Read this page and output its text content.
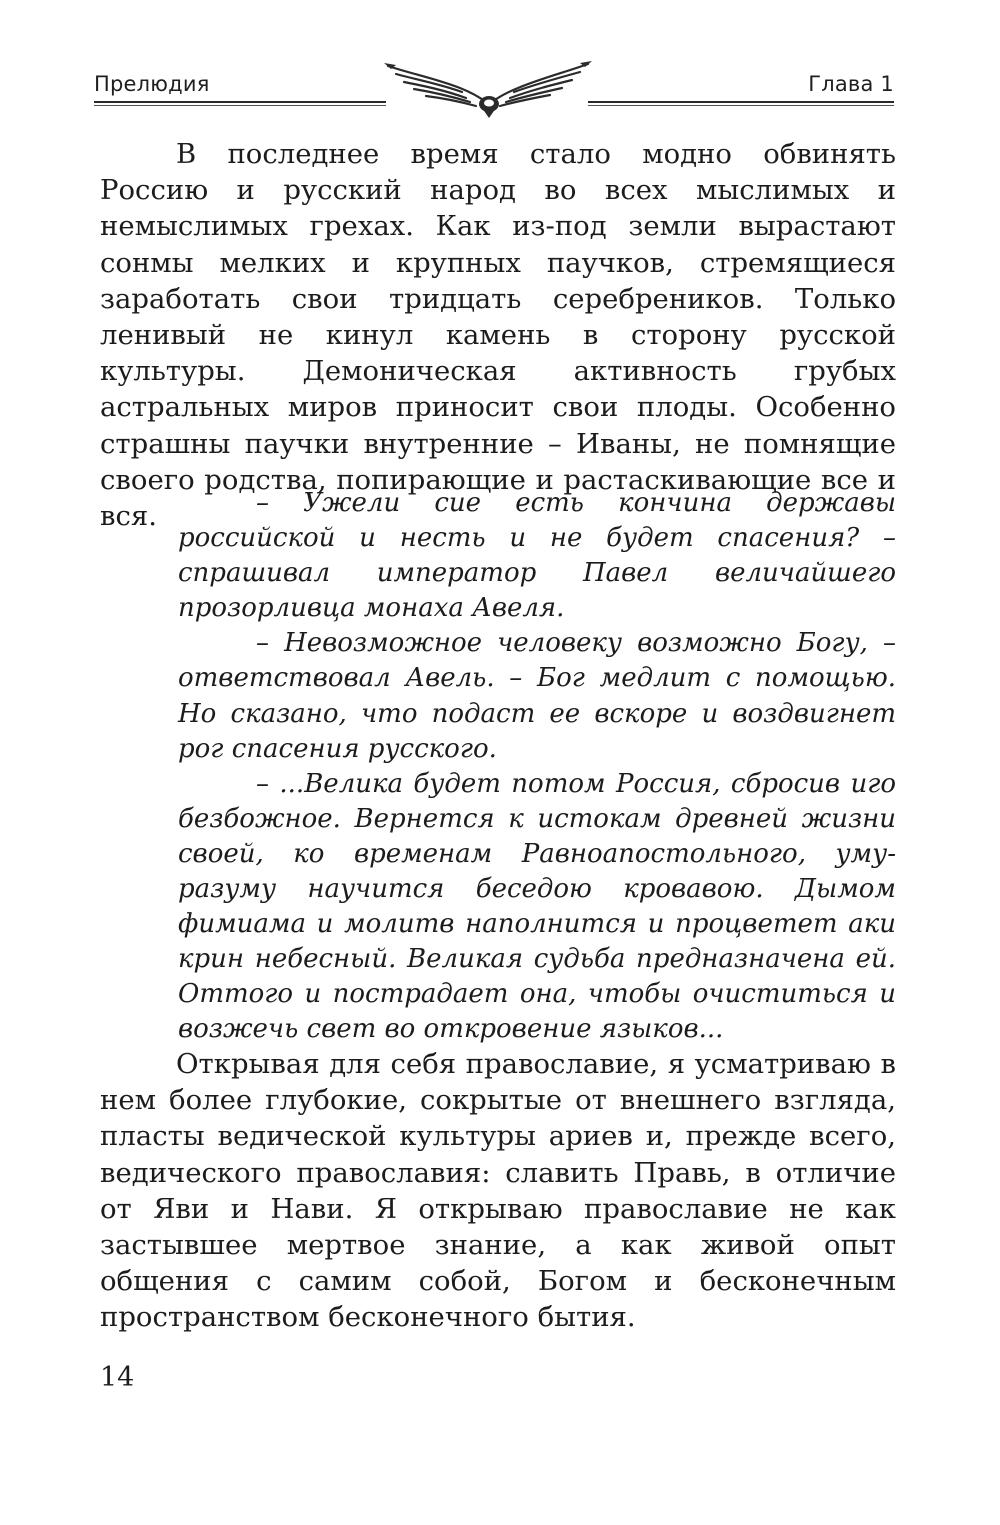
Прелюдия	Глава 1

В последнее время стало модно обвинять Россию и русский народ во всех мыслимых и немыслимых грехах. Как из-под земли вырастают сонмы мелких и крупных паучков, стремящиеся заработать свои тридцать серебреников. Только ленивый не кинул камень в сторону русской культуры. Демоническая активность грубых астральных миров приносит свои плоды. Особенно страшны паучки внутренние – Иваны, не помнящие своего родства, попирающие и растаскивающие все и вся.	– Ужели сие есть кончина державы российской и несть и не будет спасения? – спрашивал император Павел величайшего прозорливца монаха Авеля.

– Невозможное человеку возможно Богу, – ответствовал Авель. – Бог медлит с помощью. Но сказано, что подаст ее вскоре и воздвигнет рог спасения русского.

– ...Велика будет потом Россия, сбросив иго безбожное. Вернется к истокам древней жизни своей, ко временам Равноапостольного, уму-разуму научится беседою кровавою. Дымом фимиама и молитв наполнится и процветет аки крин небесный. Великая судьба предназначена ей. Оттого и пострадает она, чтобы очиститься и возжечь свет во откровение языков...

Открывая для себя православие, я усматриваю в нем более глубокие, сокрытые от внешнего взгляда, пласты ведической культуры ариев и, прежде всего, ведического православия: славить Правь, в отличие от Яви и Нави. Я открываю православие не как застывшее мертвое знание, а как живой опыт общения с самим собой, Богом и бесконечным пространством бесконечного бытия.

14
